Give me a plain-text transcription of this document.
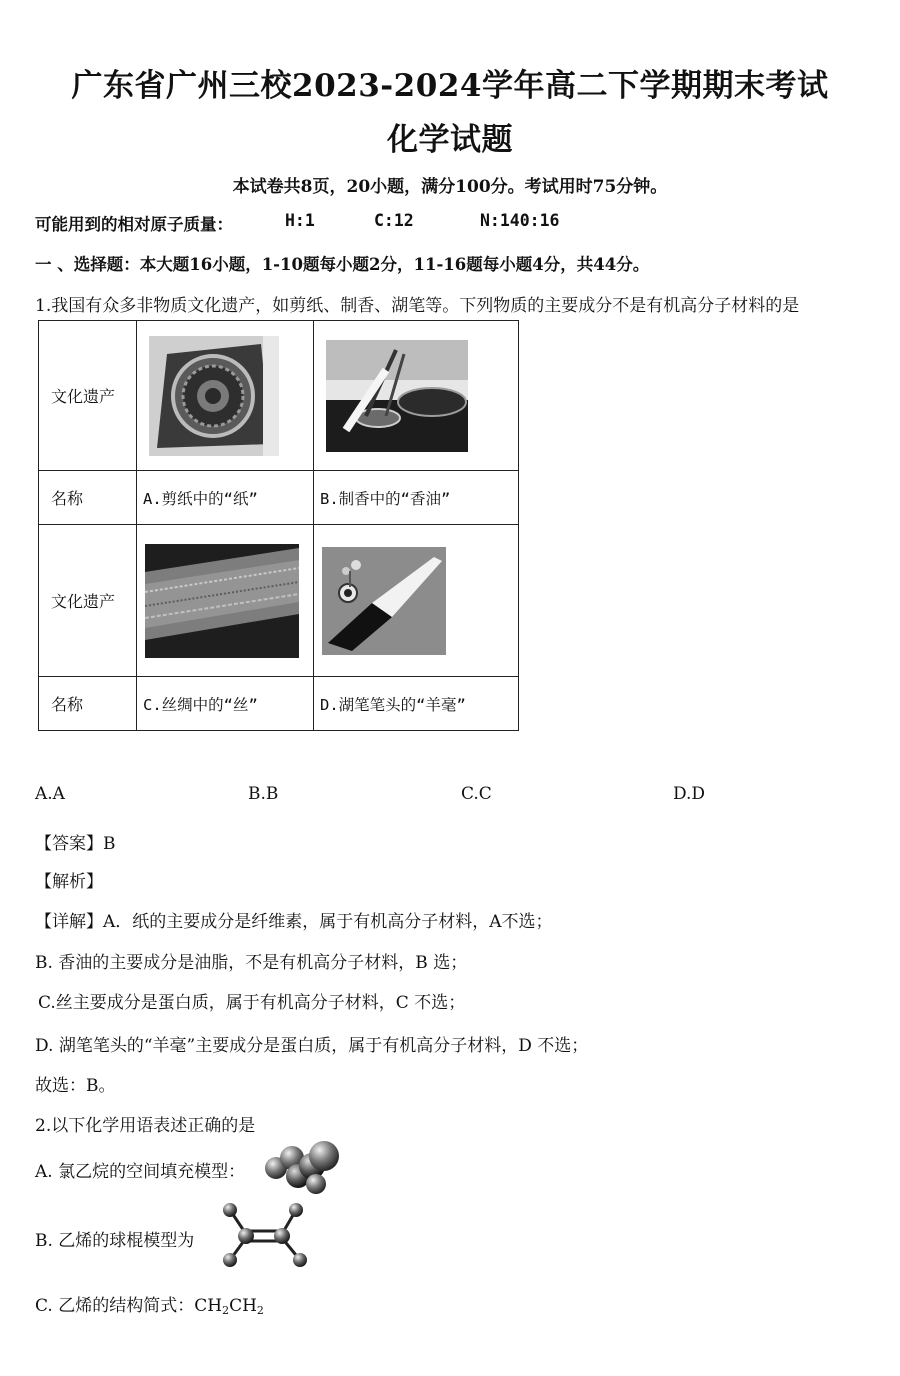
广东省广州三校2023-2024学年高二下学期期末考试
化学试题
本试卷共8页，20小题，满分100分。考试用时75分钟。
可能用到的相对原子质量：	H:1	C:12	N:140:16
一 、选择题：本大题16小题，1-10题每小题2分，11-16题每小题4分，共44分。
1.我国有众多非物质文化遗产，如剪纸、制香、湖笔等。下列物质的主要成分不是有机高分子材料的是
文化遗产	

名称	A.剪纸中的“纸”	B.制香中的“香油”
文化遗产	

名称	C.丝绸中的“丝”	D.湖笔笔头的“羊毫”
A.A	B.B	C.C	D.D
【答案】B
【解析】
【详解】A．纸的主要成分是纤维素，属于有机高分子材料，A不选；
B. 香油的主要成分是油脂，不是有机高分子材料，B 选；
C.丝主要成分是蛋白质，属于有机高分子材料，C 不选；
D. 湖笔笔头的“羊毫”主要成分是蛋白质，属于有机高分子材料，D 不选；
故选：B。
2.以下化学用语表述正确的是
A. 氯乙烷的空间填充模型：
B. 乙烯的球棍模型为
C. 乙烯的结构简式：CH2CH2
